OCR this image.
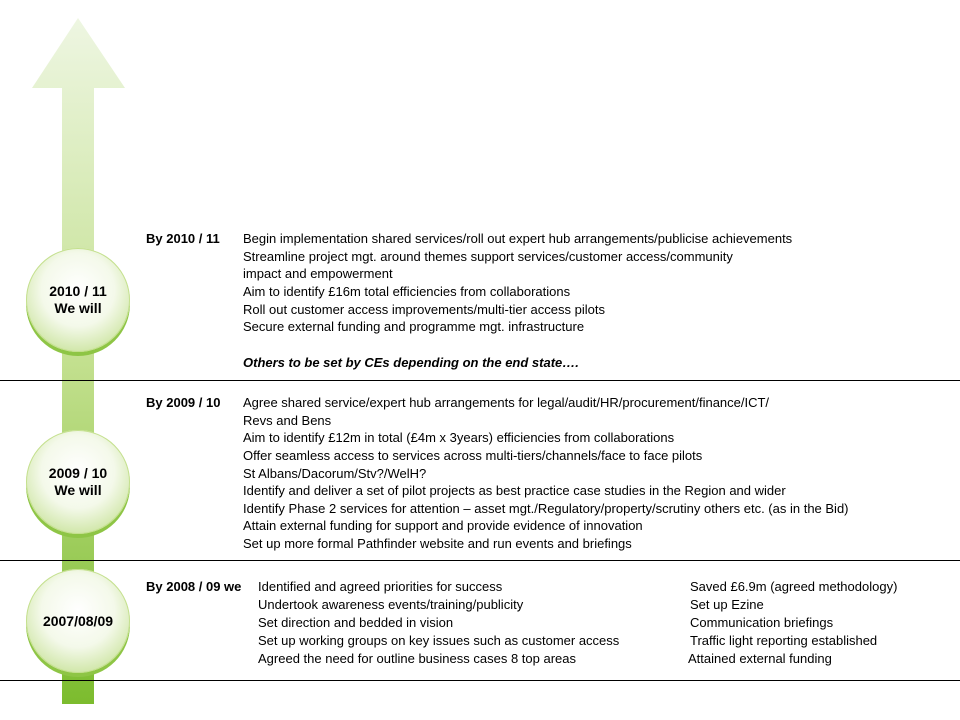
2010 / 11
We will
2009 / 10
We will
2007/08/09
By 2010 / 11 Begin implementation shared services/roll out expert hub arrangements/publicise achievements
Streamline project mgt. around themes support services/customer access/community
impact and empowerment
Aim to identify £16m total efficiencies from collaborations
Roll out customer access improvements/multi-tier access pilots
Secure external funding and programme mgt. infrastructure
Others to be set by CEs depending on the end state….
By 2009 / 10 Agree shared service/expert hub arrangements for legal/audit/HR/procurement/finance/ICT/
Revs and Bens
Aim to identify £12m in total (£4m x 3years) efficiencies from collaborations
Offer seamless access to services across multi-tiers/channels/face to face pilots
St Albans/Dacorum/Stv?/WelH?
Identify and deliver a set of pilot projects as best practice case studies in the Region and wider
Identify Phase 2 services for attention – asset mgt./Regulatory/property/scrutiny others etc. (as in the Bid)
Attain external funding for support and provide evidence of innovation
Set up more formal Pathfinder website and run events and briefings
By 2008 / 09 we Identified and agreed priorities for success
Undertook awareness events/training/publicity
Set direction and bedded in vision
Set up working groups on key issues such as customer access
Agreed the need for outline business cases 8 top areas
Saved £6.9m (agreed methodology)
Set up Ezine
Communication briefings
Traffic light reporting established
Attained external funding
